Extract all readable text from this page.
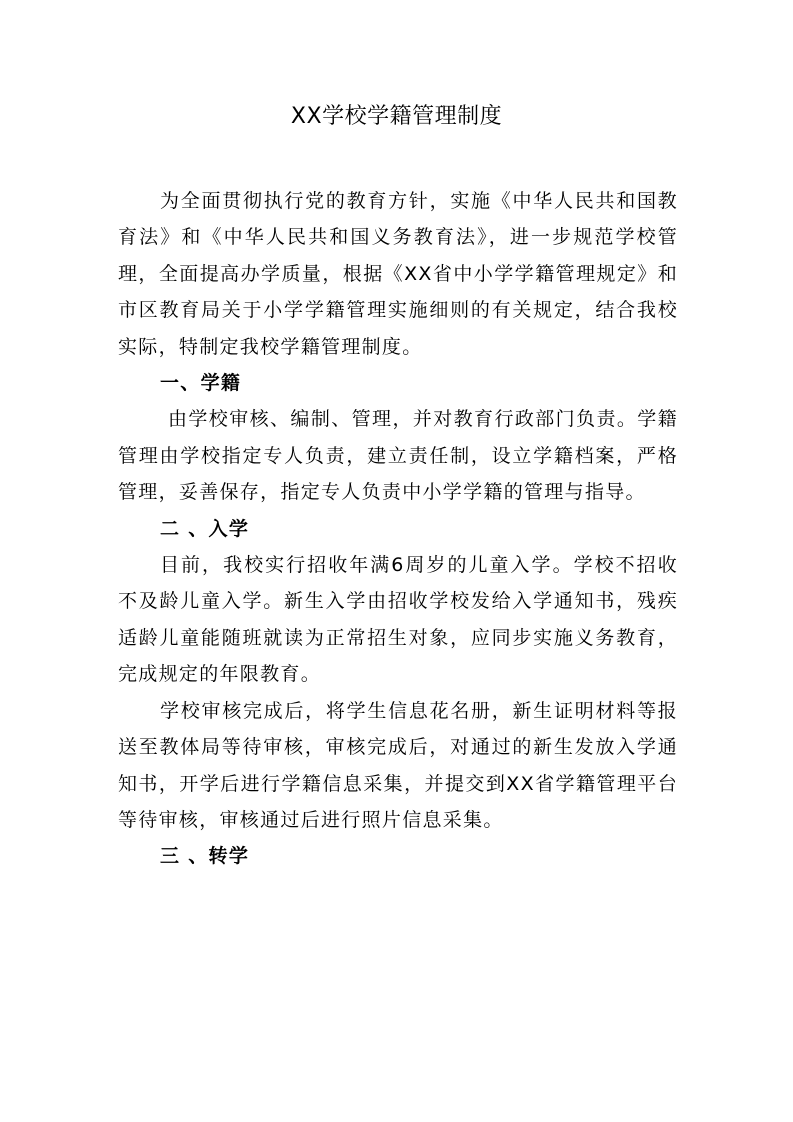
XX学校学籍管理制度

为全面贯彻执行党的教育方针，实施《中华人民共和国教育法》和《中华人民共和国义务教育法》，进一步规范学校管理，全面提高办学质量，根据《XX省中小学学籍管理规定》和市区教育局关于小学学籍管理实施细则的有关规定，结合我校实际，特制定我校学籍管理制度。

一、学籍

由学校审核、编制、管理，并对教育行政部门负责。学籍管理由学校指定专人负责，建立责任制，设立学籍档案，严格管理，妥善保存，指定专人负责中小学学籍的管理与指导。

二 、入学

目前，我校实行招收年满6周岁的儿童入学。学校不招收不及龄儿童入学。新生入学由招收学校发给入学通知书，残疾适龄儿童能随班就读为正常招生对象，应同步实施义务教育，完成规定的年限教育。

学校审核完成后，将学生信息花名册，新生证明材料等报送至教体局等待审核，审核完成后，对通过的新生发放入学通知书，开学后进行学籍信息采集，并提交到XX省学籍管理平台等待审核，审核通过后进行照片信息采集。

三 、转学
